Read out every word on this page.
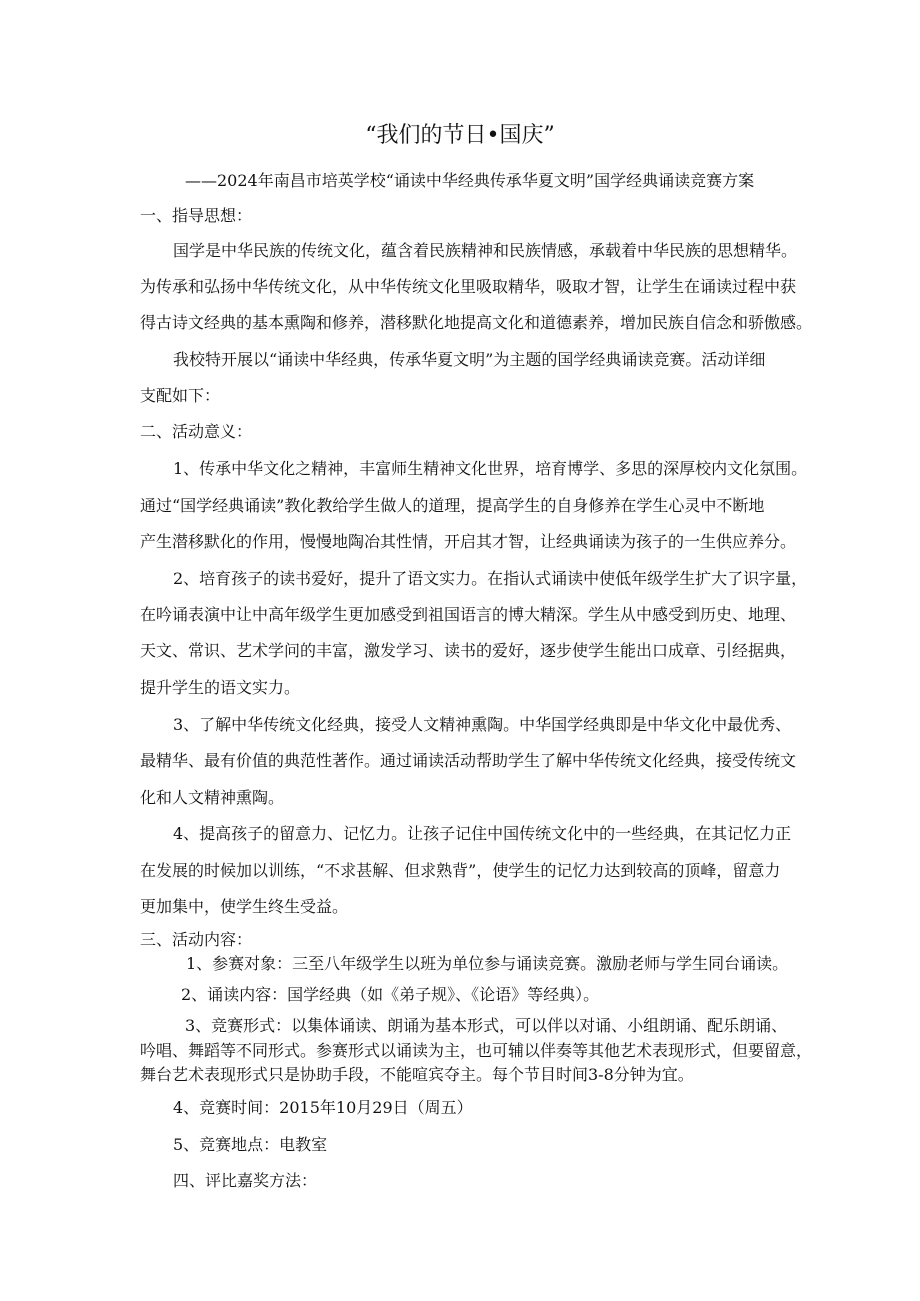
“我们的节日•国庆”
——2024年南昌市培英学校“诵读中华经典传承华夏文明”国学经典诵读竞赛方案
一、指导思想：
国学是中华民族的传统文化，蕴含着民族精神和民族情感，承载着中华民族的思想精华。
为传承和弘扬中华传统文化，从中华传统文化里吸取精华，吸取才智，让学生在诵读过程中获
得古诗文经典的基本熏陶和修养，潜移默化地提高文化和道德素养，增加民族自信念和骄傲感。
我校特开展以“诵读中华经典，传承华夏文明”为主题的国学经典诵读竞赛。活动详细
支配如下：
二、活动意义：
1、传承中华文化之精神，丰富师生精神文化世界，培育博学、多思的深厚校内文化氛围。
通过“国学经典诵读”教化教给学生做人的道理，提高学生的自身修养在学生心灵中不断地
产生潜移默化的作用，慢慢地陶冶其性情，开启其才智，让经典诵读为孩子的一生供应养分。
2、培育孩子的读书爱好，提升了语文实力。在指认式诵读中使低年级学生扩大了识字量，
在吟诵表演中让中高年级学生更加感受到祖国语言的博大精深。学生从中感受到历史、地理、
天文、常识、艺术学问的丰富，激发学习、读书的爱好，逐步使学生能出口成章、引经据典，
提升学生的语文实力。
3、了解中华传统文化经典，接受人文精神熏陶。中华国学经典即是中华文化中最优秀、
最精华、最有价值的典范性著作。通过诵读活动帮助学生了解中华传统文化经典，接受传统文
化和人文精神熏陶。
4、提高孩子的留意力、记忆力。让孩子记住中国传统文化中的一些经典，在其记忆力正
在发展的时候加以训练，“不求甚解、但求熟背”，使学生的记忆力达到较高的顶峰，留意力
更加集中，使学生终生受益。
三、活动内容：
1、参赛对象：三至八年级学生以班为单位参与诵读竞赛。激励老师与学生同台诵读。
2、诵读内容：国学经典（如《弟子规》、《论语》等经典）。
3、竞赛形式：以集体诵读、朗诵为基本形式，可以伴以对诵、小组朗诵、配乐朗诵、
吟唱、舞蹈等不同形式。参赛形式以诵读为主，也可辅以伴奏等其他艺术表现形式，但要留意，
舞台艺术表现形式只是协助手段，不能喧宾夺主。每个节目时间3-8分钟为宜。
4、竞赛时间：2015年10月29日（周五）
5、竞赛地点：电教室
四、评比嘉奖方法：
